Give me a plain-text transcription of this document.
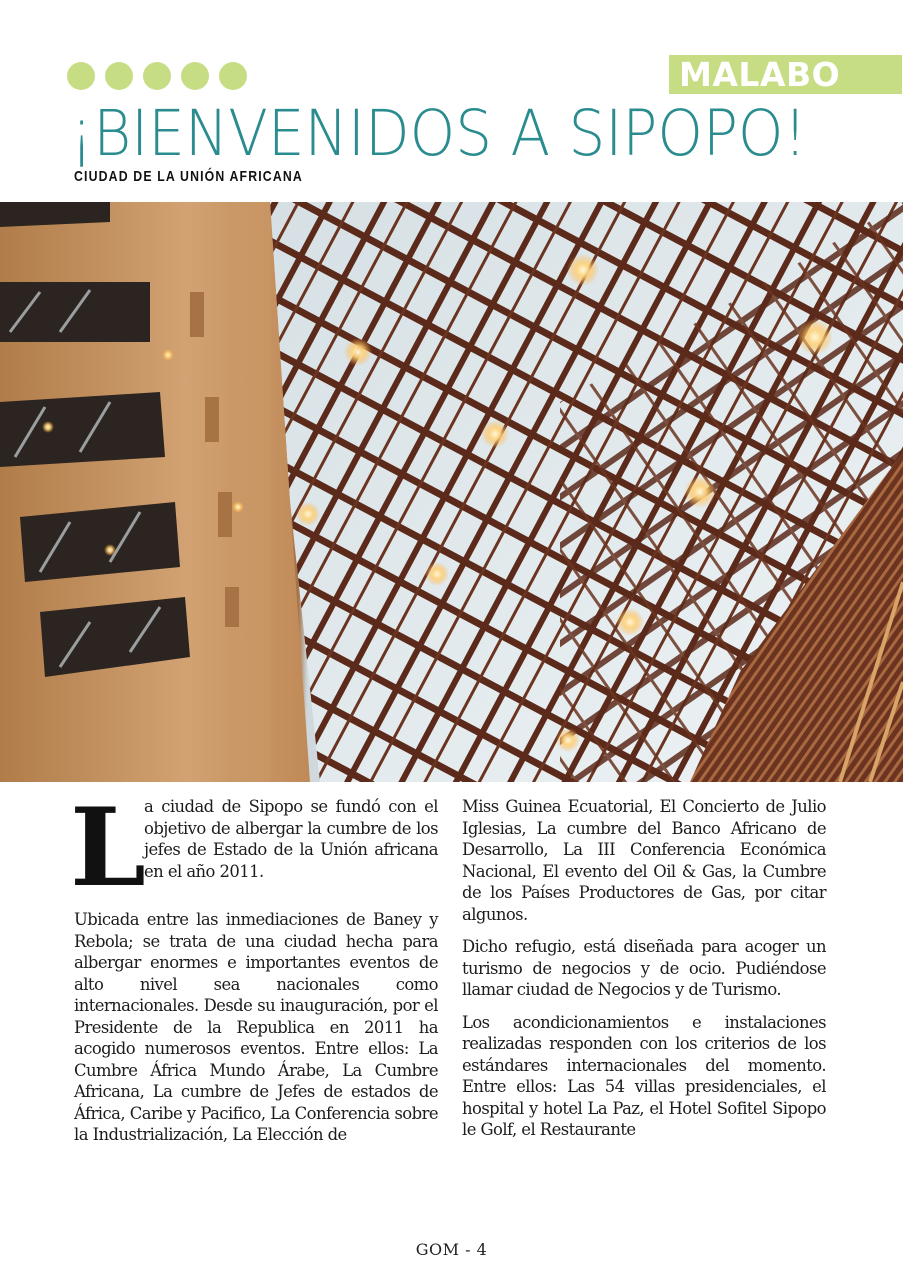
MALABO
¡BIENVENIDOS A SIPOPO!
CIUDAD DE LA UNIÓN AFRICANA
L

a ciudad de Sipopo se fundó con el objetivo de albergar la cumbre de los jefes de Estado de la Unión africana en el año 2011.

Ubicada entre las inmediaciones de Baney y Rebola; se trata de una ciudad hecha para albergar enormes e importantes eventos de alto nivel sea nacionales como internacionales. Desde su inauguración, por el Presidente de la Republica en 2011 ha acogido numerosos eventos. Entre ellos: La Cumbre África Mundo Árabe, La Cumbre Africana, La cumbre de Jefes de estados de África, Caribe y Pacifico, La Conferencia sobre la Industrialización, La Elección de

Miss Guinea Ecuatorial, El Concierto de Julio Iglesias, La cumbre del Banco Africano de Desarrollo, La III Conferencia Económica Nacional, El evento del Oil & Gas, la Cumbre de los Países Productores de Gas, por citar algunos.

Dicho refugio, está diseñada para acoger un turismo de negocios y de ocio. Pudiéndose llamar ciudad de Negocios y de Turismo.

Los acondicionamientos e instalaciones realizadas responden con los criterios de los estándares internacionales del momento. Entre ellos: Las 54 villas presidenciales, el hospital y hotel La Paz, el Hotel Sofitel Sipopo le Golf, el Restaurante

GOM - 4
